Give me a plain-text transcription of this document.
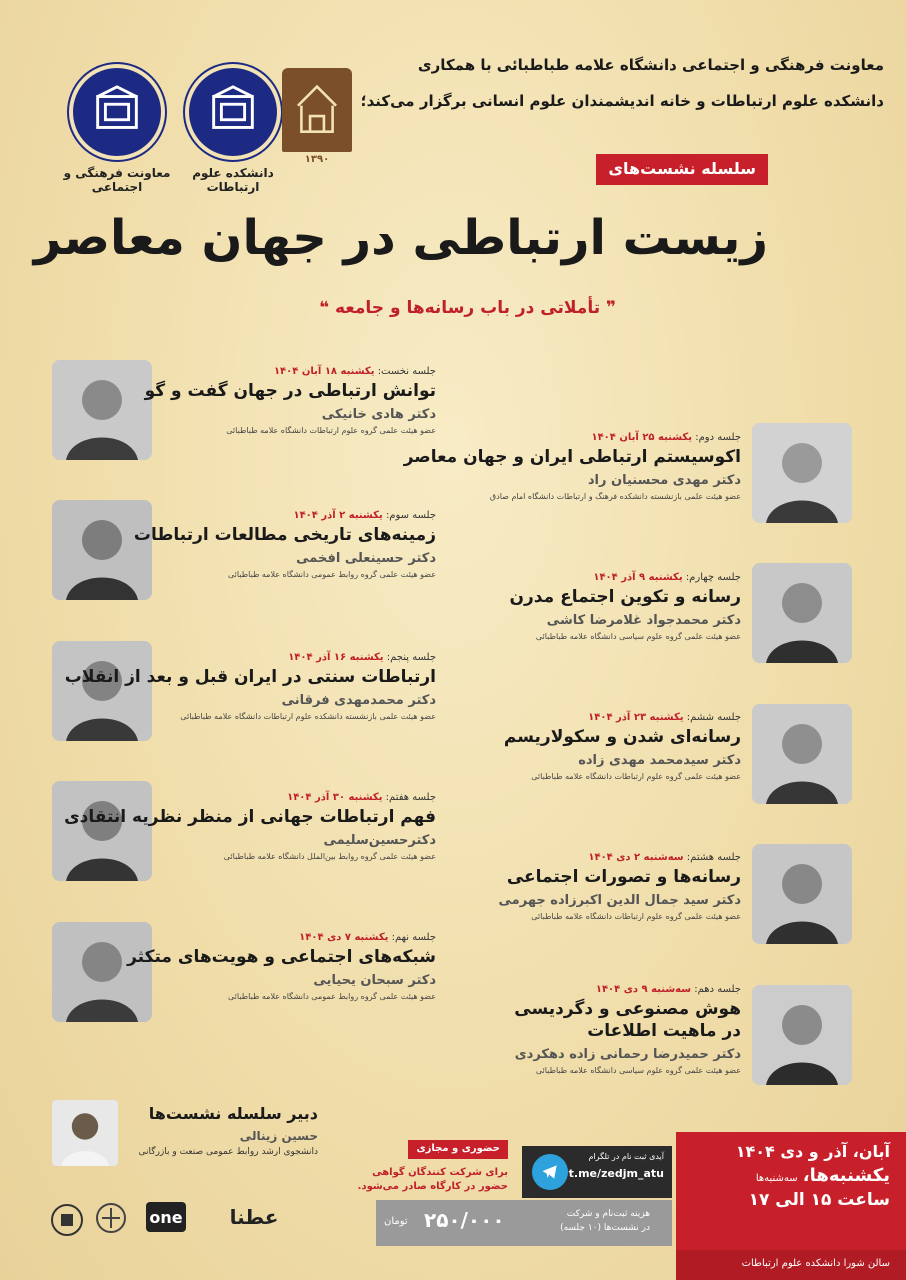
معاونت فرهنگی و اجتماعی دانشگاه علامه طباطبائی با همکاری
دانشکده علوم ارتباطات و خانه اندیشمندان علوم انسانی برگزار می‌کند؛
معاونت فرهنگی و اجتماعی
دانشکده علوم ارتباطات
۱۳۹۰	سلسله نشست‌های
زیست ارتباطی در جهان معاصر
❞ تأملاتی در باب رسانه‌ها و جامعه ❝
جلسه نخست: یکشنبه ۱۸ آبان ۱۴۰۴
توانش ارتباطی در جهان گفت و گو
دکتر هادی خانیکی
عضو هیئت علمی گروه علوم ارتباطات دانشگاه علامه طباطبائی
جلسه دوم: یکشنبه ۲۵ آبان ۱۴۰۴
اکوسیستم ارتباطی ایران و جهان معاصر
دکتر مهدی محسنیان راد
عضو هیئت علمی بازنشسته دانشکده فرهنگ و ارتباطات دانشگاه امام صادق
جلسه سوم: یکشنبه ۲ آذر ۱۴۰۴
زمینه‌های تاریخی مطالعات ارتباطات
دکتر حسینعلی افخمی
عضو هیئت علمی گروه روابط عمومی دانشگاه علامه طباطبائی	جلسه چهارم: یکشنبه ۹ آذر ۱۴۰۴
رسانه و تکوین اجتماع مدرن
دکتر محمدجواد غلامرضا کاشی
عضو هیئت علمی گروه علوم سیاسی دانشگاه علامه طباطبائی
جلسه پنجم: یکشنبه ۱۶ آذر ۱۴۰۴
ارتباطات سنتی در ایران قبل و بعد از انقلاب
دکتر محمدمهدی فرقانی
عضو هیئت علمی بازنشسته دانشکده علوم ارتباطات دانشگاه علامه طباطبائی	جلسه ششم: یکشنبه ۲۳ آذر ۱۴۰۴
رسانه‌ای شدن و سکولاریسم
دکتر سیدمحمد مهدی زاده
عضو هیئت علمی گروه علوم ارتباطات دانشگاه علامه طباطبائی
جلسه هفتم: یکشنبه ۳۰ آذر ۱۴۰۴
فهم ارتباطات جهانی از منظر نظریه انتقادی
دکترحسین‌سلیمی
عضو هیئت علمی گروه روابط بین‌الملل دانشگاه علامه طباطبائی	جلسه هشتم: سه‌شنبه ۲ دی ۱۴۰۴
رسانه‌ها و تصورات اجتماعی
دکتر سید جمال الدین اکبرزاده جهرمی
عضو هیئت علمی گروه علوم ارتباطات دانشگاه علامه طباطبائی
جلسه نهم: یکشنبه ۷ دی ۱۴۰۴
شبکه‌های اجتماعی و هویت‌های متکثر
دکتر سبحان یحیایی
عضو هیئت علمی گروه روابط عمومی دانشگاه علامه طباطبائی
جلسه دهم: سه‌شنبه ۹ دی ۱۴۰۴
هوش مصنوعی و دگردیسی
در ماهیت اطلاعات
دکتر حمیدرضا رحمانی زاده دهکردی
عضو هیئت علمی گروه علوم سیاسی دانشگاه علامه طباطبائی
دبیر سلسله نشست‌ها
حسین زینالی
دانشجوی ارشد روابط عمومی صنعت و بازرگانی	آبان، آذر و دی ۱۴۰۴
یکشنبه‌ها، سه‌شنبه‌ها
ساعت ۱۵ الی ۱۷
سالن شورا دانشکده علوم ارتباطات
آیدی ثبت نام در تلگرام
t.me/zedjm_atu
حضوری و مجازی
برای شرکت کنندگان گواهی
حضور در کارگاه صادر می‌شود.
هزینه ثبت‌نام و شرکت
در نشست‌ها (۱۰ جلسه)
۲۵۰/۰۰۰
تومان
one عطنا
